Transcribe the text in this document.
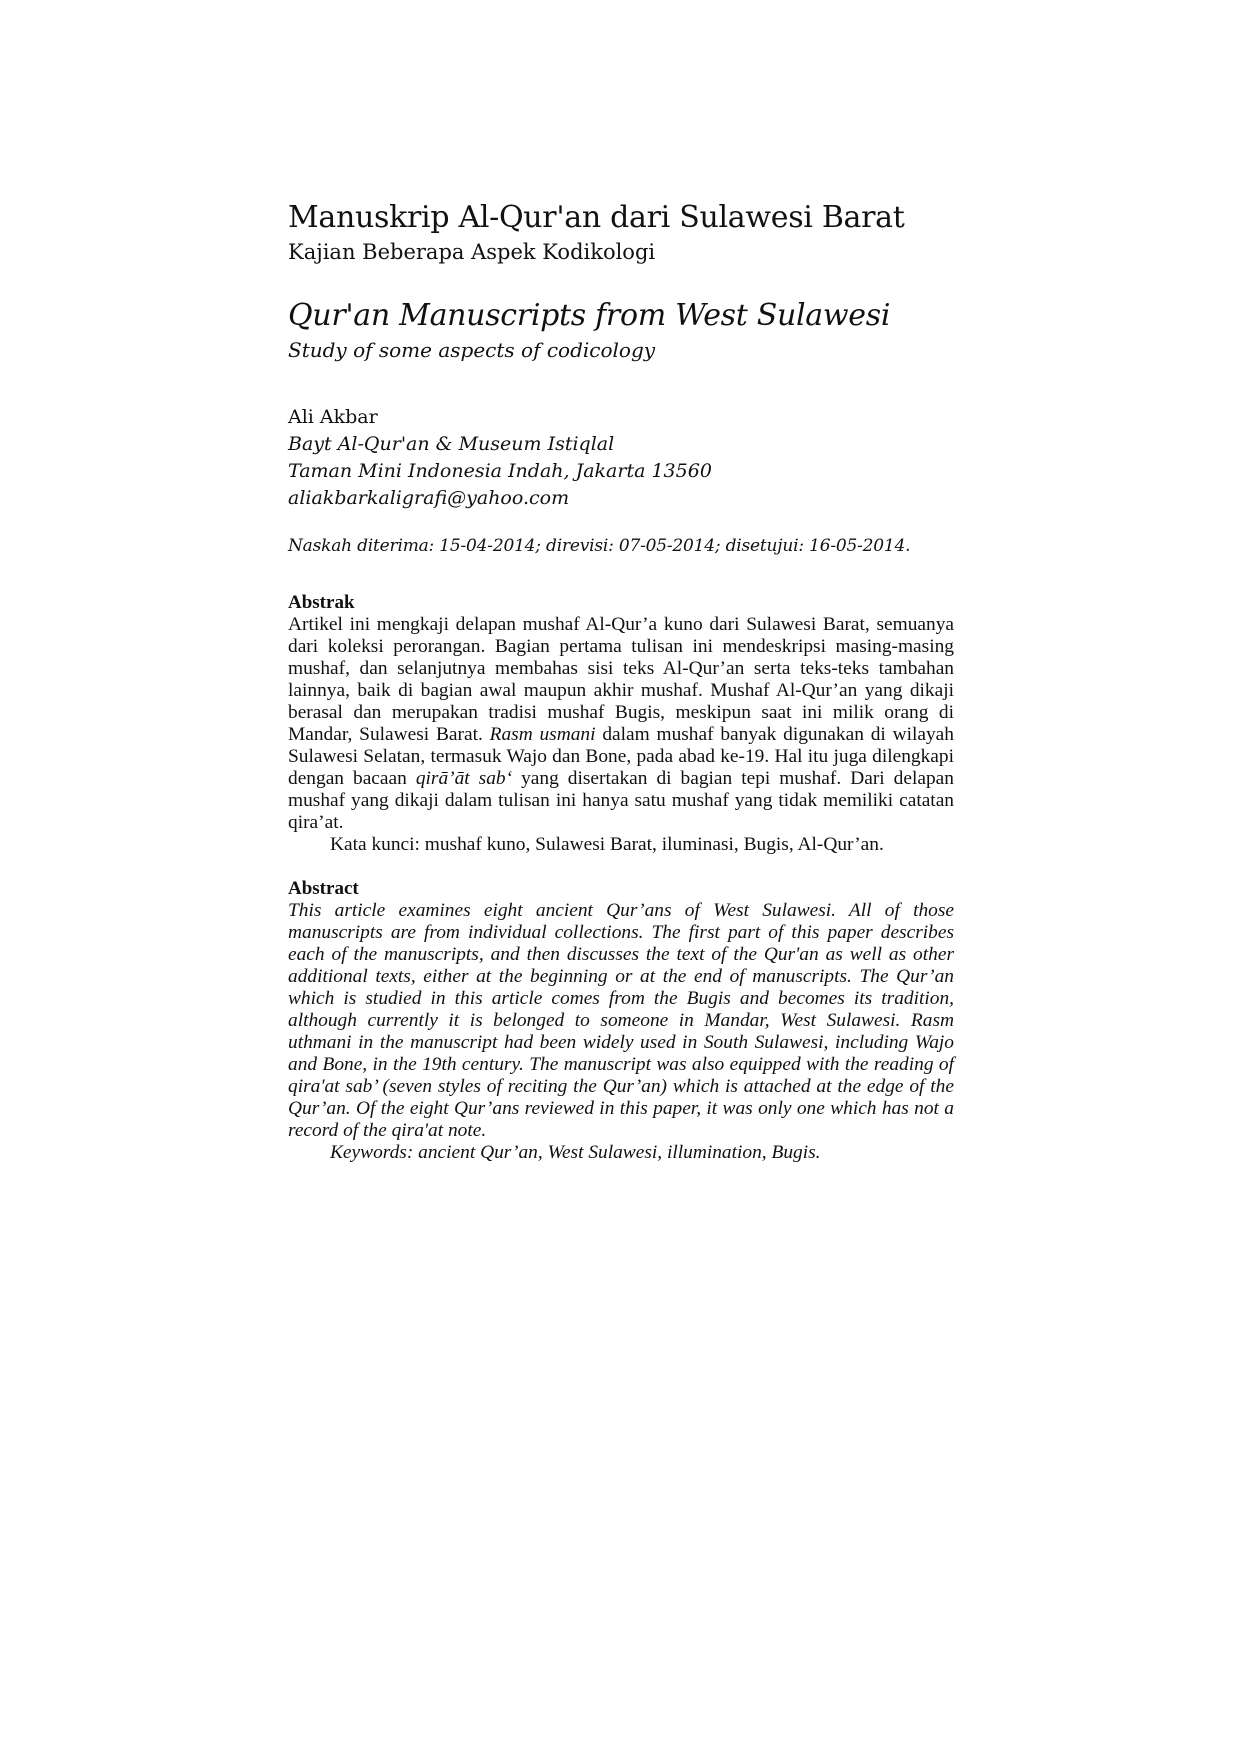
Manuskrip Al-Qur'an dari Sulawesi Barat
Kajian Beberapa Aspek Kodikologi
Qur'an Manuscripts from West Sulawesi
Study of some aspects of codicology
Ali Akbar
Bayt Al-Qur'an & Museum Istiqlal
Taman Mini Indonesia Indah, Jakarta 13560
aliakbarkaligrafi@yahoo.com
Naskah diterima: 15-04-2014; direvisi: 07-05-2014; disetujui: 16-05-2014.
Abstrak

Artikel ini mengkaji delapan mushaf Al-Qur’a kuno dari Sulawesi Barat, semuanya dari koleksi perorangan. Bagian pertama tulisan ini mendeskripsi masing-masing mushaf, dan selanjutnya membahas sisi teks Al-Qur’an serta teks-teks tambahan lainnya, baik di bagian awal maupun akhir mushaf. Mushaf Al-Qur’an yang dikaji berasal dan merupakan tradisi mushaf Bugis, meskipun saat ini milik orang di Mandar, Sulawesi Barat. Rasm usmani dalam mushaf banyak digunakan di wilayah Sulawesi Selatan, termasuk Wajo dan Bone, pada abad ke-19. Hal itu juga dilengkapi dengan bacaan qirā’āt sab‘ yang disertakan di bagian tepi mushaf. Dari delapan mushaf yang dikaji dalam tulisan ini hanya satu mushaf yang tidak memiliki catatan qira’at.

Kata kunci: mushaf kuno, Sulawesi Barat, iluminasi, Bugis, Al-Qur’an.

Abstract

This article examines eight ancient Qur’ans of West Sulawesi. All of those manuscripts are from individual collections. The first part of this paper describes each of the manuscripts, and then discusses the text of the Qur'an as well as other additional texts, either at the beginning or at the end of manuscripts. The Qur’an which is studied in this article comes from the Bugis and becomes its tradition, although currently it is belonged to someone in Mandar, West Sulawesi. Rasm uthmani in the manuscript had been widely used in South Sulawesi, including Wajo and Bone, in the 19th century. The manuscript was also equipped with the reading of qira'at sab’ (seven styles of reciting the Qur’an) which is attached at the edge of the Qur’an. Of the eight Qur’ans reviewed in this paper, it was only one which has not a record of the qira'at note.

Keywords: ancient Qur’an, West Sulawesi, illumination, Bugis.
